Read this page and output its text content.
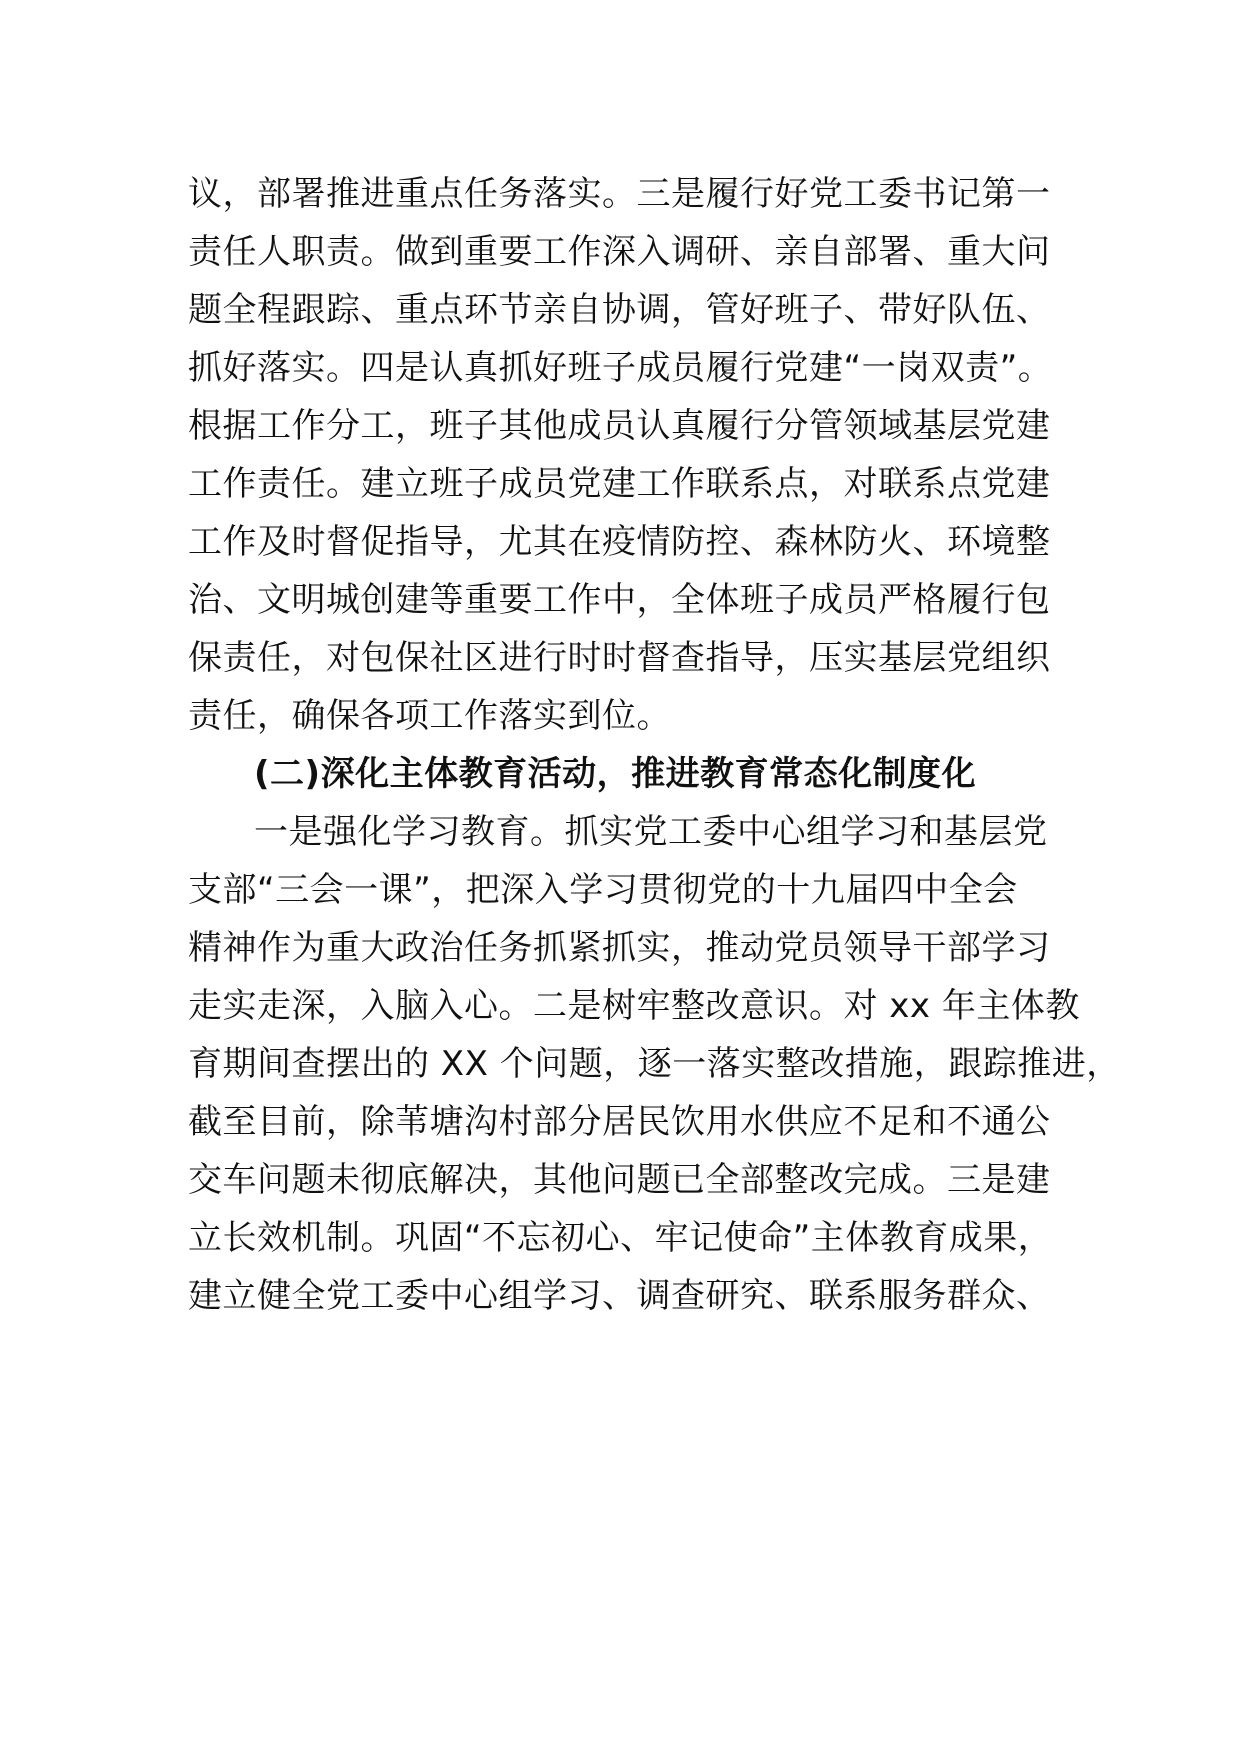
议，部署推进重点任务落实。三是履行好党工委书记第一
责任人职责。做到重要工作深入调研、亲自部署、重大问
题全程跟踪、重点环节亲自协调，管好班子、带好队伍、
抓好落实。四是认真抓好班子成员履行党建“一岗双责”。
根据工作分工，班子其他成员认真履行分管领域基层党建
工作责任。建立班子成员党建工作联系点，对联系点党建
工作及时督促指导，尤其在疫情防控、森林防火、环境整
治、文明城创建等重要工作中，全体班子成员严格履行包
保责任，对包保社区进行时时督查指导，压实基层党组织
责任，确保各项工作落实到位。
(二)深化主体教育活动，推进教育常态化制度化
一是强化学习教育。抓实党工委中心组学习和基层党
支部“三会一课”，把深入学习贯彻党的十九届四中全会
精神作为重大政治任务抓紧抓实，推动党员领导干部学习
走实走深，入脑入心。二是树牢整改意识。对 xx 年主体教
育期间查摆出的 XX 个问题，逐一落实整改措施，跟踪推进，
截至目前，除苇塘沟村部分居民饮用水供应不足和不通公
交车问题未彻底解决，其他问题已全部整改完成。三是建
立长效机制。巩固“不忘初心、牢记使命”主体教育成果，
建立健全党工委中心组学习、调查研究、联系服务群众、
